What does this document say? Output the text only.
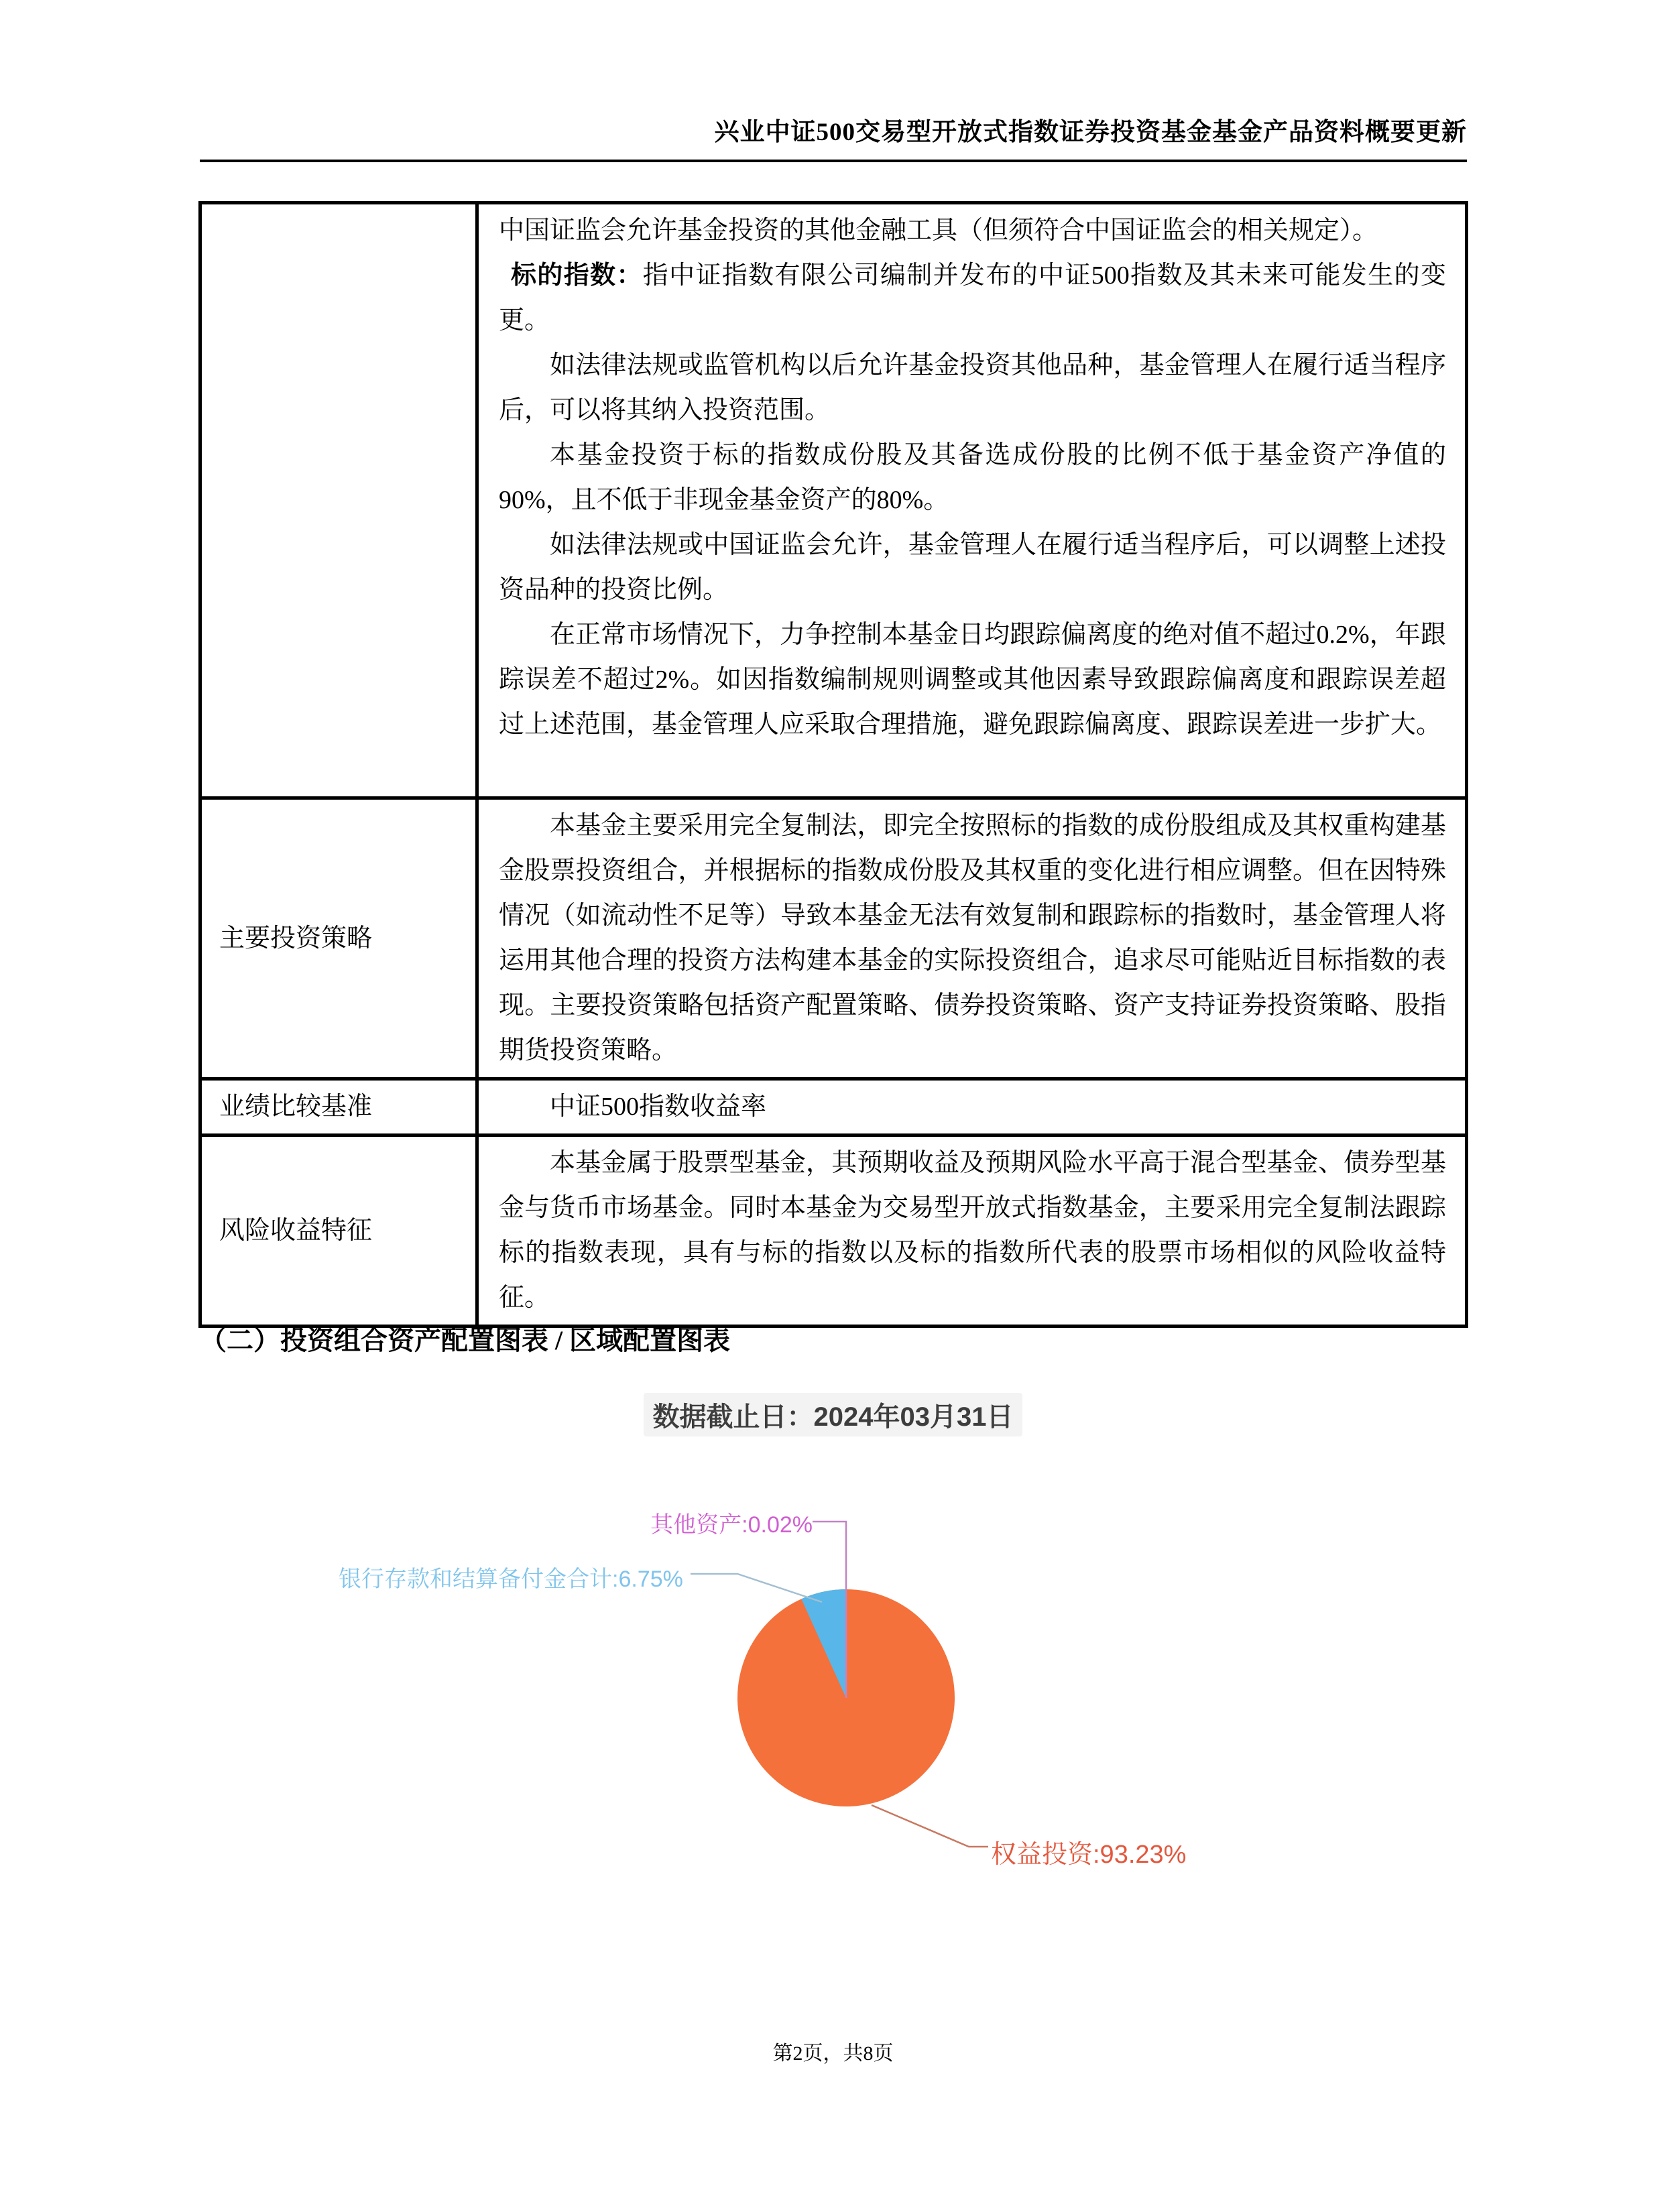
兴业中证500交易型开放式指数证券投资基金基金产品资料概要更新

中国证监会允许基金投资的其他金融工具（但须符合中国证监会的相关规定）。

标的指数：指中证指数有限公司编制并发布的中证500指数及其未来可能发生的变更。

如法律法规或监管机构以后允许基金投资其他品种，基金管理人在履行适当程序后，可以将其纳入投资范围。

本基金投资于标的指数成份股及其备选成份股的比例不低于基金资产净值的90%，且不低于非现金基金资产的80%。

如法律法规或中国证监会允许，基金管理人在履行适当程序后，可以调整上述投资品种的投资比例。

在正常市场情况下，力争控制本基金日均跟踪偏离度的绝对值不超过0.2%，年跟踪误差不超过2%。如因指数编制规则调整或其他因素导致跟踪偏离度和跟踪误差超过上述范围，基金管理人应采取合理措施，避免跟踪偏离度、跟踪误差进一步扩大。

主要投资策略	本基金主要采用完全复制法，即完全按照标的指数的成份股组成及其权重构建基金股票投资组合，并根据标的指数成份股及其权重的变化进行相应调整。但在因特殊情况（如流动性不足等）导致本基金无法有效复制和跟踪标的指数时，基金管理人将运用其他合理的投资方法构建本基金的实际投资组合，追求尽可能贴近目标指数的表现。主要投资策略包括资产配置策略、债券投资策略、资产支持证券投资策略、股指期货投资策略。

业绩比较基准	中证500指数收益率

风险收益特征	本基金属于股票型基金，其预期收益及预期风险水平高于混合型基金、债券型基金与货币市场基金。同时本基金为交易型开放式指数基金，主要采用完全复制法跟踪标的指数表现，具有与标的指数以及标的指数所代表的股票市场相似的风险收益特征。

（二）投资组合资产配置图表 / 区域配置图表
数据截止日：2024年03月31日
其他资产:0.02%
银行存款和结算备付金合计:6.75%
权益投资:93.23%
第2页，共8页
